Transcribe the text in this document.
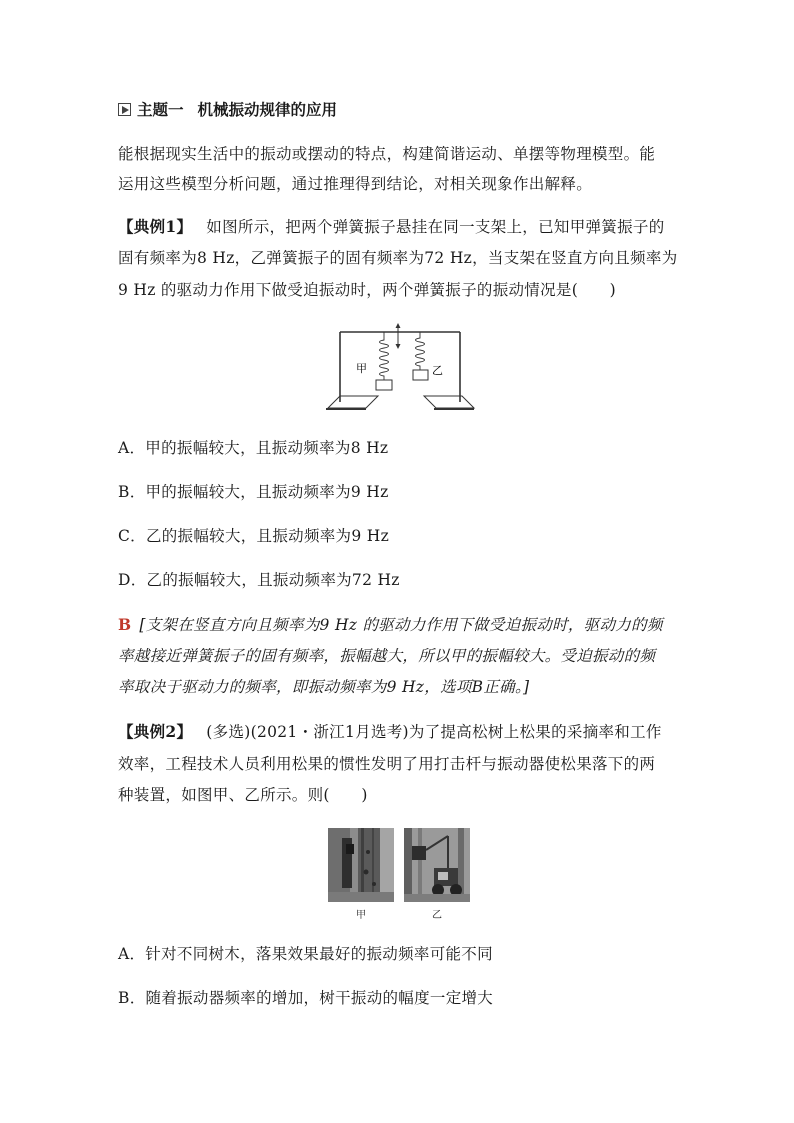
主题一 机械振动规律的应用
能根据现实生活中的振动或摆动的特点，构建简谐运动、单摆等物理模型。能
运用这些模型分析问题，通过推理得到结论，对相关现象作出解释。
【典例1】 如图所示，把两个弹簧振子悬挂在同一支架上，已知甲弹簧振子的
固有频率为8 Hz，乙弹簧振子的固有频率为72 Hz，当支架在竖直方向且频率为
9 Hz 的驱动力作用下做受迫振动时，两个弹簧振子的振动情况是(　　)
甲	乙
A．甲的振幅较大，且振动频率为8 Hz
B．甲的振幅较大，且振动频率为9 Hz
C．乙的振幅较大，且振动频率为9 Hz
D．乙的振幅较大，且振动频率为72 Hz
B [支架在竖直方向且频率为9 Hz 的驱动力作用下做受迫振动时，驱动力的频
率越接近弹簧振子的固有频率，振幅越大，所以甲的振幅较大。受迫振动的频
率取决于驱动力的频率，即振动频率为9 Hz，选项B正确。]
【典例2】 (多选)(2021・浙江1月选考)为了提高松树上松果的采摘率和工作
效率，工程技术人员利用松果的惯性发明了用打击杆与振动器使松果落下的两
种装置，如图甲、乙所示。则(　　)
甲	乙
A．针对不同树木，落果效果最好的振动频率可能不同
B．随着振动器频率的增加，树干振动的幅度一定增大
